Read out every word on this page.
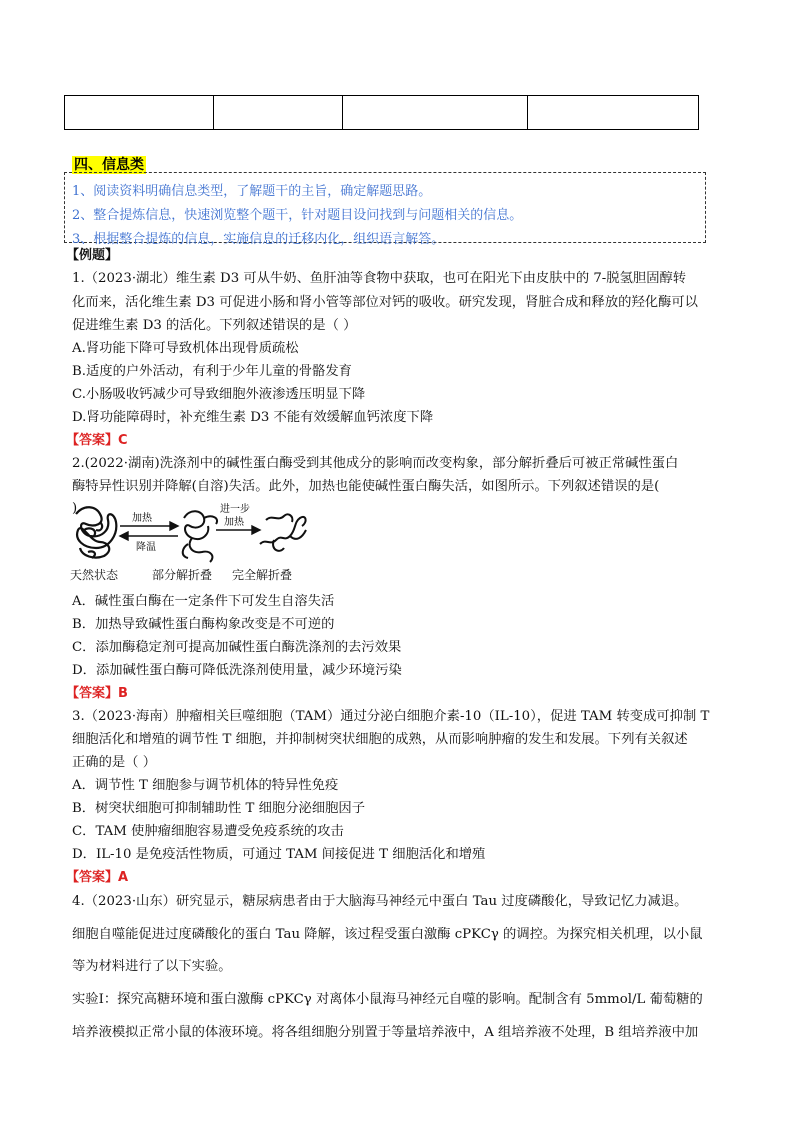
四、信息类
1、阅读资料明确信息类型，了解题干的主旨，确定解题思路。
2、整合提炼信息，快速浏览整个题干，针对题目设问找到与问题相关的信息。
3、根据整合提炼的信息，实施信息的迁移内化，组织语言解答。
【例题】
1.（2023·湖北）维生素 D3 可从牛奶、鱼肝油等食物中获取，也可在阳光下由皮肤中的 7-脱氢胆固醇转
化而来，活化维生素 D3 可促进小肠和肾小管等部位对钙的吸收。研究发现，肾脏合成和释放的羟化酶可以
促进维生素 D3 的活化。下列叙述错误的是（ ）
A.肾功能下降可导致机体出现骨质疏松
B.适度的户外活动，有利于少年儿童的骨骼发育
C.小肠吸收钙减少可导致细胞外液渗透压明显下降
D.肾功能障碍时，补充维生素 D3 不能有效缓解血钙浓度下降
【答案】C
2.(2022·湖南)洗涤剂中的碱性蛋白酶受到其他成分的影响而改变构象，部分解折叠后可被正常碱性蛋白
酶特异性识别并降解(自溶)失活。此外，加热也能使碱性蛋白酶失活，如图所示。下列叙述错误的是(
)
加热
降温
进一步
加热
天然状态	部分解折叠 完全解折叠
A．碱性蛋白酶在一定条件下可发生自溶失活
B．加热导致碱性蛋白酶构象改变是不可逆的
C．添加酶稳定剂可提高加碱性蛋白酶洗涤剂的去污效果
D．添加碱性蛋白酶可降低洗涤剂使用量，减少环境污染
【答案】B
3.（2023·海南）肿瘤相关巨噬细胞（TAM）通过分泌白细胞介素-10（IL-10），促进 TAM 转变成可抑制 T
细胞活化和增殖的调节性 T 细胞，并抑制树突状细胞的成熟，从而影响肿瘤的发生和发展。下列有关叙述
正确的是（ ）
A．调节性 T 细胞参与调节机体的特异性免疫
B．树突状细胞可抑制辅助性 T 细胞分泌细胞因子
C．TAM 使肿瘤细胞容易遭受免疫系统的攻击
D．IL-10 是免疫活性物质，可通过 TAM 间接促进 T 细胞活化和增殖
【答案】A
4.（2023·山东）研究显示，糖尿病患者由于大脑海马神经元中蛋白 Tau 过度磷酸化，导致记忆力减退。
细胞自噬能促进过度磷酸化的蛋白 Tau 降解，该过程受蛋白激酶 cPKCγ 的调控。为探究相关机理，以小鼠
等为材料进行了以下实验。
实验Ⅰ：探究高糖环境和蛋白激酶 cPKCγ 对离体小鼠海马神经元自噬的影响。配制含有 5mmol/L 葡萄糖的
培养液模拟正常小鼠的体液环境。将各组细胞分别置于等量培养液中，A 组培养液不处理，B 组培养液中加
